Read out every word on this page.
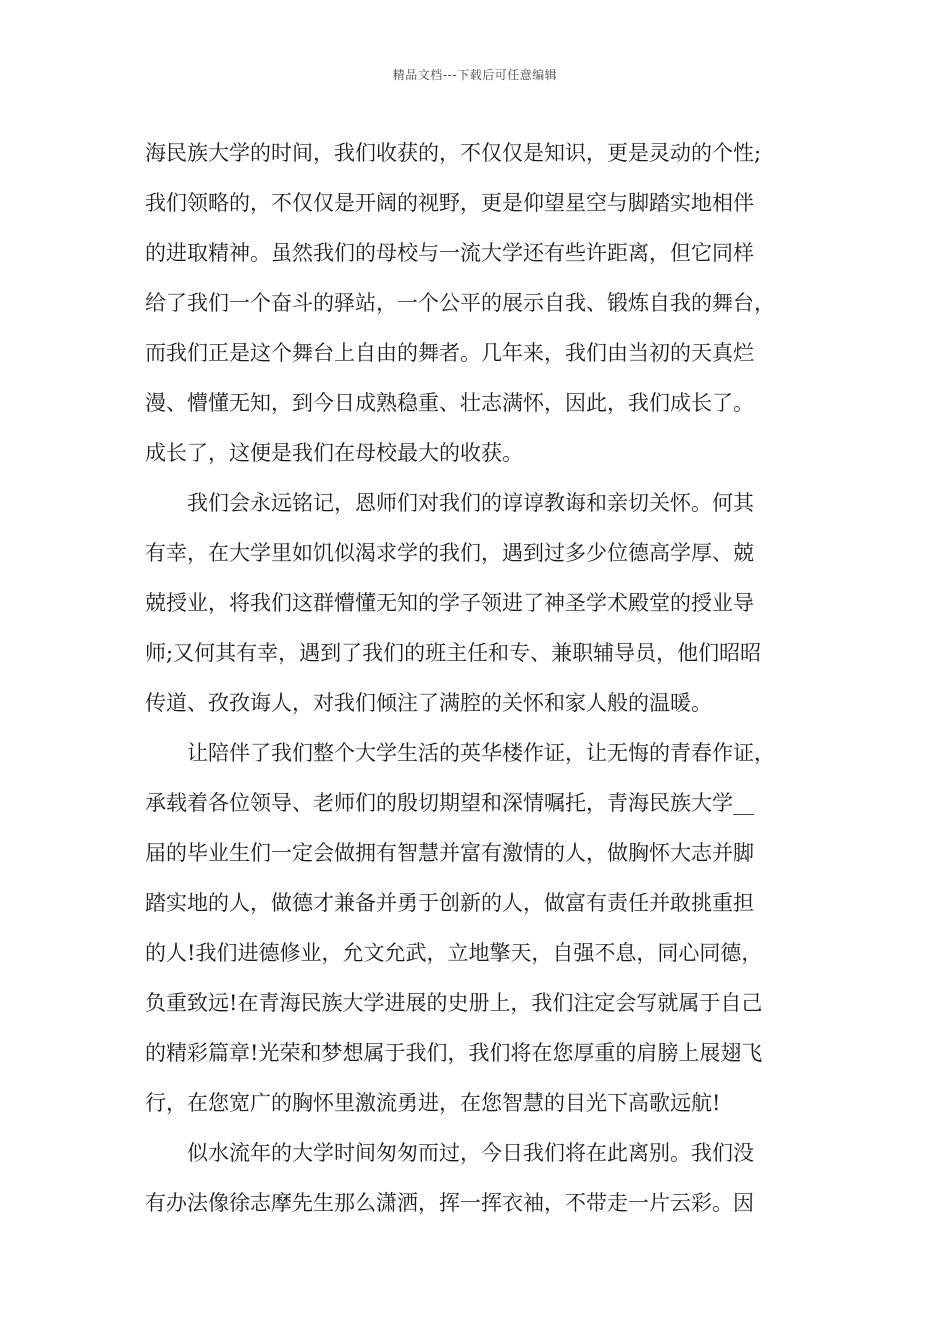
精品文档---下载后可任意编辑
海民族大学的时间，我们收获的，不仅仅是知识，更是灵动的个性;
我们领略的，不仅仅是开阔的视野，更是仰望星空与脚踏实地相伴
的进取精神。虽然我们的母校与一流大学还有些许距离，但它同样
给了我们一个奋斗的驿站，一个公平的展示自我、锻炼自我的舞台，
而我们正是这个舞台上自由的舞者。几年来，我们由当初的天真烂
漫、懵懂无知，到今日成熟稳重、壮志满怀，因此，我们成长了。
成长了，这便是我们在母校最大的收获。
我们会永远铭记，恩师们对我们的谆谆教诲和亲切关怀。何其
有幸，在大学里如饥似渴求学的我们，遇到过多少位德高学厚、兢
兢授业，将我们这群懵懂无知的学子领进了神圣学术殿堂的授业导
师;又何其有幸，遇到了我们的班主任和专、兼职辅导员，他们昭昭
传道、孜孜诲人，对我们倾注了满腔的关怀和家人般的温暖。
让陪伴了我们整个大学生活的英华楼作证，让无悔的青春作证，
承载着各位领导、老师们的殷切期望和深情嘱托，青海民族大学__
届的毕业生们一定会做拥有智慧并富有激情的人，做胸怀大志并脚
踏实地的人，做德才兼备并勇于创新的人，做富有责任并敢挑重担
的人!我们进德修业，允文允武，立地擎天，自强不息，同心同德，
负重致远!在青海民族大学进展的史册上，我们注定会写就属于自己
的精彩篇章!光荣和梦想属于我们，我们将在您厚重的肩膀上展翅飞
行，在您宽广的胸怀里激流勇进，在您智慧的目光下高歌远航!
似水流年的大学时间匆匆而过，今日我们将在此离别。我们没
有办法像徐志摩先生那么潇洒，挥一挥衣袖，不带走一片云彩。因
